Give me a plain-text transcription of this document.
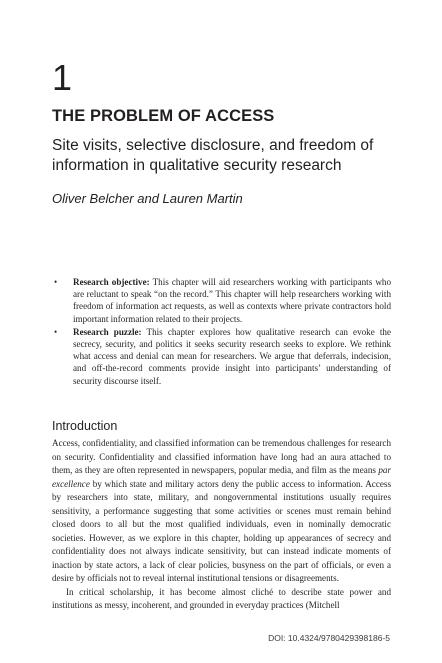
1
THE PROBLEM OF ACCESS
Site visits, selective disclosure, and freedom of information in qualitative security research
Oliver Belcher and Lauren Martin
• Research objective: This chapter will aid researchers working with participants who are reluctant to speak “on the record.” This chapter will help researchers working with freedom of information act requests, as well as contexts where private contractors hold important information related to their projects.
• Research puzzle: This chapter explores how qualitative research can evoke the secrecy, security, and politics it seeks security research seeks to explore. We rethink what access and denial can mean for researchers. We argue that deferrals, indecision, and off-the-record comments provide insight into participants’ understanding of security discourse itself.
Introduction

Access, confidentiality, and classified information can be tremendous challenges for research on security. Confidentiality and classified information have long had an aura attached to them, as they are often represented in newspapers, popular media, and film as the means par excellence by which state and military actors deny the public access to information. Access by researchers into state, military, and nongovernmental institutions usually requires sensitivity, a performance suggesting that some activities or scenes must remain behind closed doors to all but the most qualified individuals, even in nominally democratic societies. However, as we explore in this chapter, holding up appearances of secrecy and confidentiality does not always indicate sensitivity, but can instead indicate moments of inaction by state actors, a lack of clear policies, busyness on the part of officials, or even a desire by officials not to reveal internal institutional tensions or disagreements.

In critical scholarship, it has become almost cliché to describe state power and institutions as messy, incoherent, and grounded in everyday practices (Mitchell

DOI: 10.4324/9780429398186-5
